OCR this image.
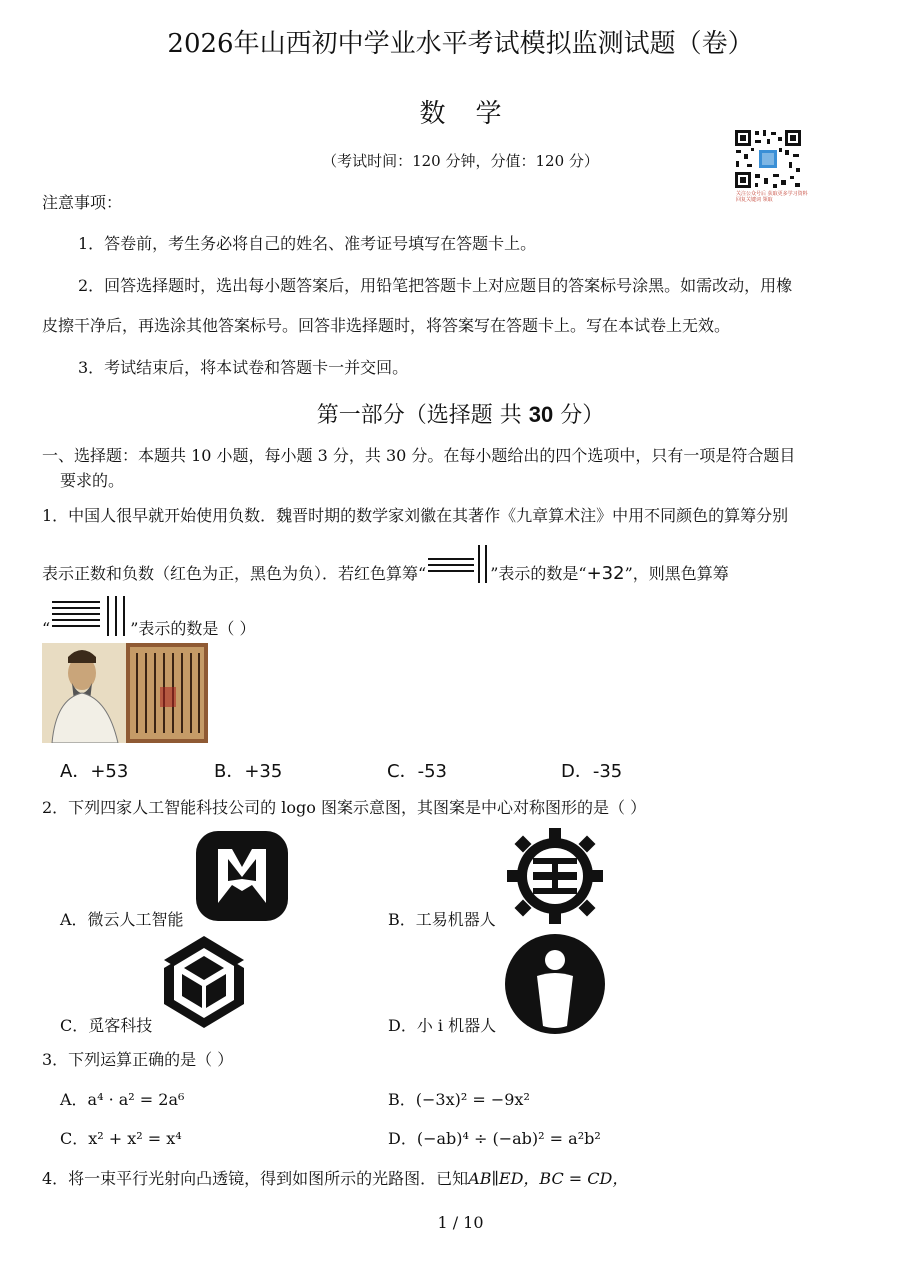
2026年山西初中学业水平考试模拟监测试题（卷）
数学
（考试时间：120 分钟，分值：120 分）
关注公众号后 获取更多学习资料 回复关键词 领取
注意事项：
1．答卷前，考生务必将自己的姓名、准考证号填写在答题卡上。
2．回答选择题时，选出每小题答案后，用铅笔把答题卡上对应题目的答案标号涂黑。如需改动，用橡
皮擦干净后，再选涂其他答案标号。回答非选择题时，将答案写在答题卡上。写在本试卷上无效。
3．考试结束后，将本试卷和答题卡一并交回。
第一部分（选择题 共 30 分）
一、选择题：本题共 10 小题，每小题 3 分，共 30 分。在每小题给出的四个选项中，只有一项是符合题目
要求的。
1．中国人很早就开始使用负数．魏晋时期的数学家刘徽在其著作《九章算术注》中用不同颜色的算筹分别
表示正数和负数（红色为正，黑色为负）．若红色算筹“	”表示的数是“+32”，则黑色算筹
“	”表示的数是（ ）
A．+53	B．+35	C．-53	D．-35
2．下列四家人工智能科技公司的 logo 图案示意图，其图案是中心对称图形的是（ ）
A．微云人工智能	B．工易机器人
C．觅客科技	D．小 i 机器人
3．下列运算正确的是（ ）
A．a⁴ · a² = 2a⁶	B．(−3x)² = −9x²
C．x² + x² = x⁴	D．(−ab)⁴ ÷ (−ab)² = a²b²
4．将一束平行光射向凸透镜，得到如图所示的光路图．已知AB∥ED，BC = CD，
1 / 10
